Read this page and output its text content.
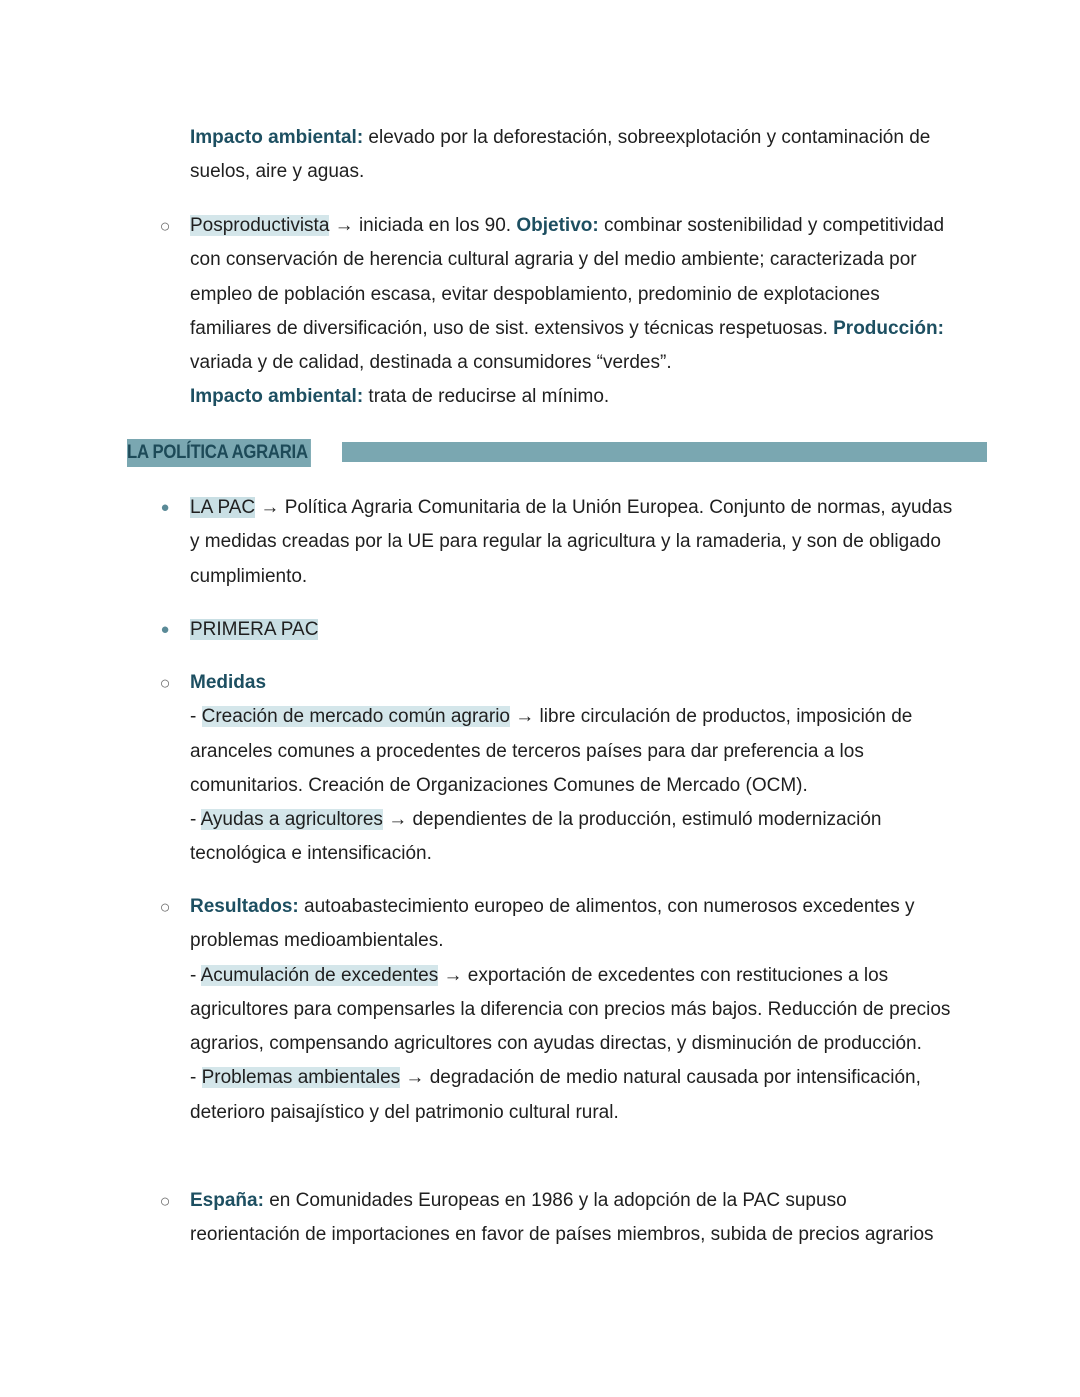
Impacto ambiental: elevado por la deforestación, sobreexplotación y contaminación de suelos, aire y aguas.
○ Posproductivista → iniciada en los 90. Objetivo: combinar sostenibilidad y competitividad con conservación de herencia cultural agraria y del medio ambiente; caracterizada por empleo de población escasa, evitar despoblamiento, predominio de explotaciones familiares de diversificación, uso de sist. extensivos y técnicas respetuosas. Producción: variada y de calidad, destinada a consumidores “verdes”.
Impacto ambiental: trata de reducirse al mínimo.
LA POLÍTICA AGRARIA
● LA PAC → Política Agraria Comunitaria de la Unión Europea. Conjunto de normas, ayudas y medidas creadas por la UE para regular la agricultura y la ramaderia, y son de obligado cumplimiento.
● PRIMERA PAC
○ Medidas
- Creación de mercado común agrario → libre circulación de productos, imposición de aranceles comunes a procedentes de terceros países para dar preferencia a los comunitarios. Creación de Organizaciones Comunes de Mercado (OCM).
- Ayudas a agricultores → dependientes de la producción, estimuló modernización tecnológica e intensificación.
○ Resultados: autoabastecimiento europeo de alimentos, con numerosos excedentes y problemas medioambientales.
- Acumulación de excedentes → exportación de excedentes con restituciones a los agricultores para compensarles la diferencia con precios más bajos. Reducción de precios agrarios, compensando agricultores con ayudas directas, y disminución de producción.
- Problemas ambientales → degradación de medio natural causada por intensificación, deterioro paisajístico y del patrimonio cultural rural.
○ España: en Comunidades Europeas en 1986 y la adopción de la PAC supuso reorientación de importaciones en favor de países miembros, subida de precios agrarios
